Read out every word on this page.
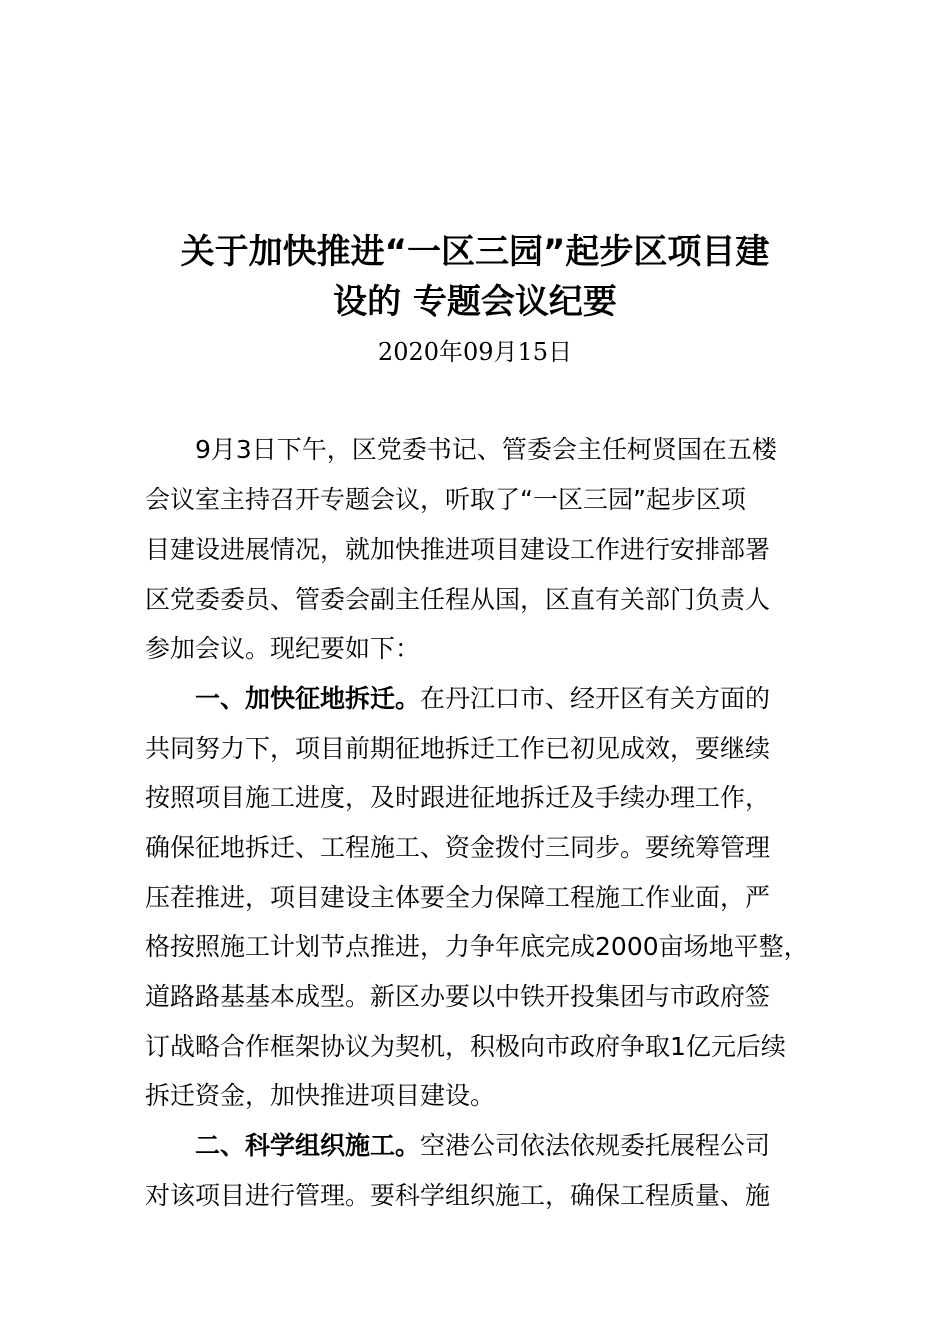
关于加快推进“一区三园”起步区项目建
设的 专题会议纪要
2020年09月15日
9月3日下午，区党委书记、管委会主任柯贤国在五楼
会议室主持召开专题会议，听取了“一区三园”起步区项
目建设进展情况，就加快推进项目建设工作进行安排部署
区党委委员、管委会副主任程从国，区直有关部门负责人
参加会议。现纪要如下：
一、加快征地拆迁。在丹江口市、经开区有关方面的
共同努力下，项目前期征地拆迁工作已初见成效，要继续
按照项目施工进度，及时跟进征地拆迁及手续办理工作，
确保征地拆迁、工程施工、资金拨付三同步。要统筹管理
压茬推进，项目建设主体要全力保障工程施工作业面，严
格按照施工计划节点推进，力争年底完成2000亩场地平整，
道路路基基本成型。新区办要以中铁开投集团与市政府签
订战略合作框架协议为契机，积极向市政府争取1亿元后续
拆迁资金，加快推进项目建设。
二、科学组织施工。空港公司依法依规委托展程公司
对该项目进行管理。要科学组织施工，确保工程质量、施
